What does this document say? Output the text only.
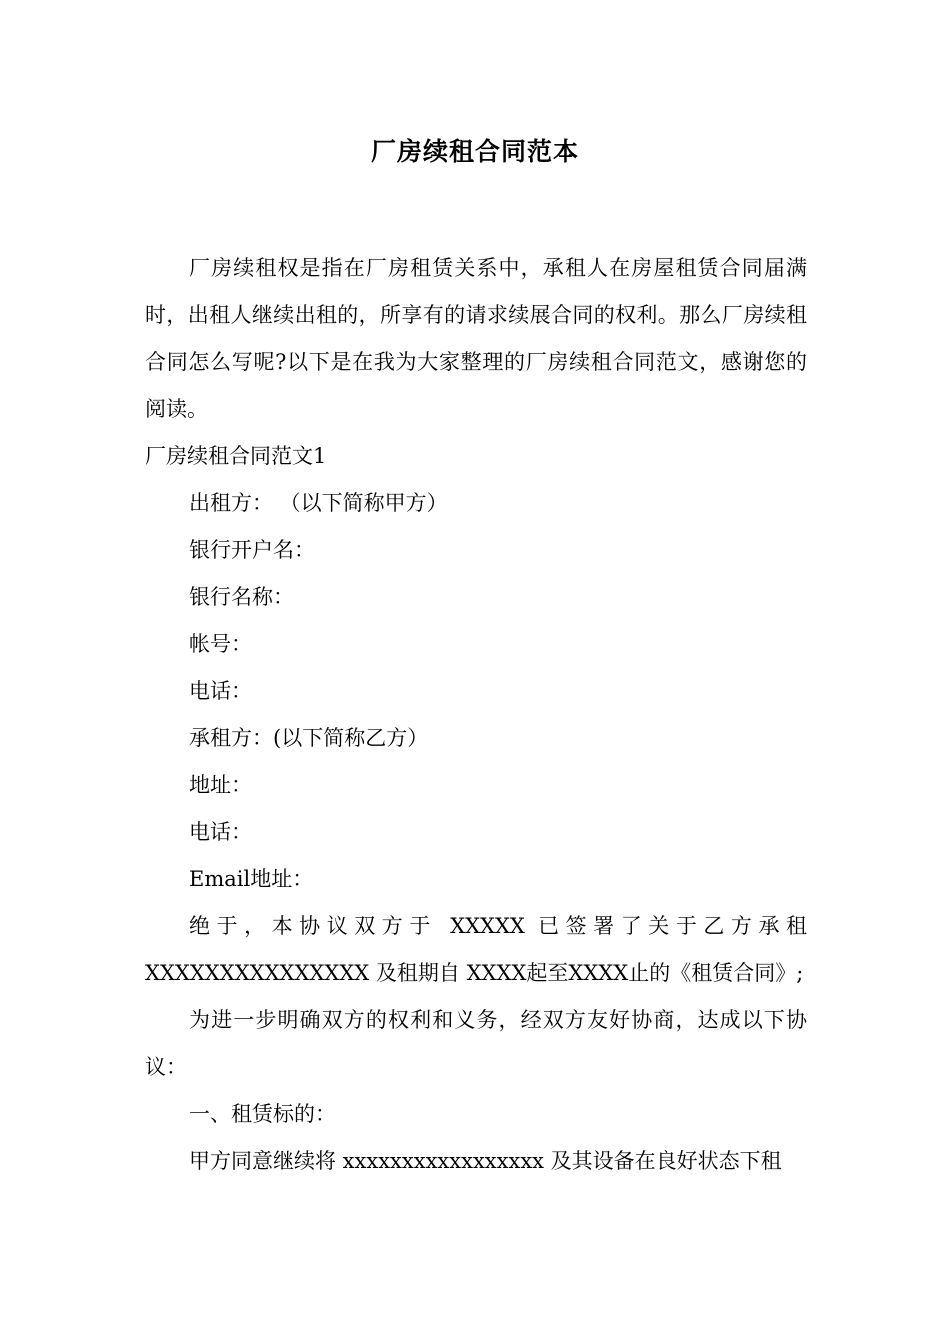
厂房续租合同范本

厂房续租权是指在厂房租赁关系中，承租人在房屋租赁合同届满时，出租人继续出租的，所享有的请求续展合同的权利。那么厂房续租合同怎么写呢?以下是在我为大家整理的厂房续租合同范文，感谢您的阅读。

厂房续租合同范文1

出租方： （以下简称甲方）

银行开户名：

银行名称：

帐号：

电话：

承租方：(以下简称乙方）

地址：

电话：

Email地址：

绝于，本协议双方于 XXXXX 已签署了关于乙方承租

XXXXXXXXXXXXXXX 及租期自 XXXX起至XXXX止的《租赁合同》;

为进一步明确双方的权利和义务，经双方友好协商，达成以下协议：

一、租赁标的：

甲方同意继续将 xxxxxxxxxxxxxxxxx 及其设备在良好状态下租
